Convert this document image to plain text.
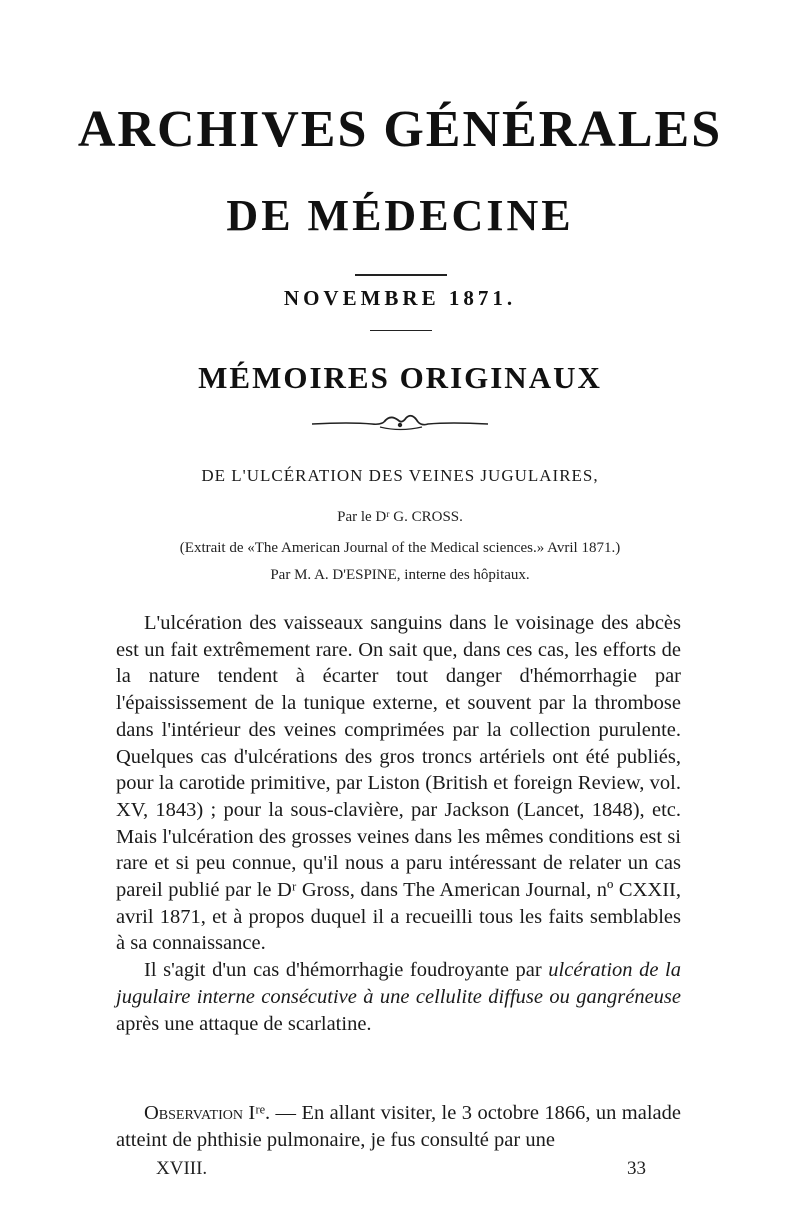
ARCHIVES GÉNÉRALES
DE MÉDECINE
NOVEMBRE 1871.
MÉMOIRES ORIGINAUX
DE L'ULCÉRATION DES VEINES JUGULAIRES,
Par le Dʳ G. CROSS.
(Extrait de «The American Journal of the Medical sciences.» Avril 1871.)
Par M. A. D'ESPINE, interne des hôpitaux.

L'ulcération des vaisseaux sanguins dans le voisinage des abcès est un fait extrêmement rare. On sait que, dans ces cas, les efforts de la nature tendent à écarter tout danger d'hémorrhagie par l'épaississement de la tunique externe, et souvent par la thrombose dans l'intérieur des veines comprimées par la collection purulente. Quelques cas d'ulcérations des gros troncs artériels ont été publiés, pour la carotide primitive, par Liston (British et foreign Review, vol. XV, 1843) ; pour la sous-clavière, par Jackson (Lancet, 1848), etc. Mais l'ulcération des grosses veines dans les mêmes conditions est si rare et si peu connue, qu'il nous a paru intéressant de relater un cas pareil publié par le Dʳ Gross, dans The American Journal, nº CXXII, avril 1871, et à propos duquel il a recueilli tous les faits semblables à sa connaissance.

Il s'agit d'un cas d'hémorrhagie foudroyante par ulcération de la jugulaire interne consécutive à une cellulite diffuse ou gangréneuse après une attaque de scarlatine.

Observation Iʳᵉ. — En allant visiter, le 3 octobre 1866, un malade atteint de phthisie pulmonaire, je fus consulté par une

XVIII.	33
